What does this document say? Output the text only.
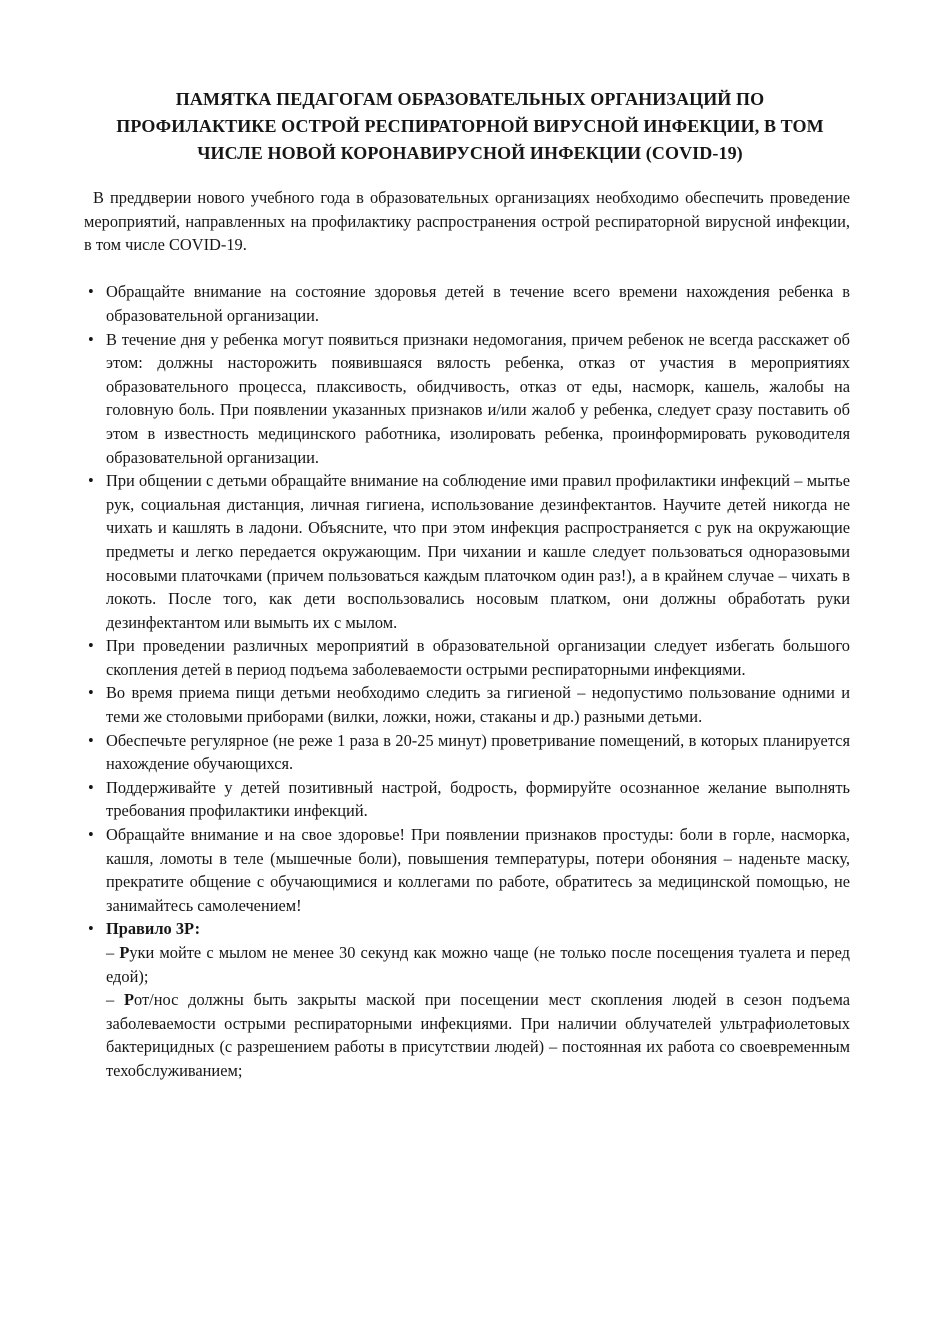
ПАМЯТКА ПЕДАГОГАМ ОБРАЗОВАТЕЛЬНЫХ ОРГАНИЗАЦИЙ ПО
ПРОФИЛАКТИКЕ ОСТРОЙ РЕСПИРАТОРНОЙ ВИРУСНОЙ ИНФЕКЦИИ, В ТОМ
ЧИСЛЕ НОВОЙ КОРОНАВИРУСНОЙ ИНФЕКЦИИ (COVID-19)

В преддверии нового учебного года в образовательных организациях необходимо обеспечить проведение мероприятий, направленных на профилактику распространения острой респираторной вирусной инфекции, в том числе COVID-19.

• Обращайте внимание на состояние здоровья детей в течение всего времени нахождения ребенка в образовательной организации.
• В течение дня у ребенка могут появиться признаки недомогания, причем ребенок не всегда расскажет об этом: должны насторожить появившаяся вялость ребенка, отказ от участия в мероприятиях образовательного процесса, плаксивость, обидчивость, отказ от еды, насморк, кашель, жалобы на головную боль. При появлении указанных признаков и/или жалоб у ребенка, следует сразу поставить об этом в известность медицинского работника, изолировать ребенка, проинформировать руководителя образовательной организации.
• При общении с детьми обращайте внимание на соблюдение ими правил профилактики инфекций – мытье рук, социальная дистанция, личная гигиена, использование дезинфектантов. Научите детей никогда не чихать и кашлять в ладони. Объясните, что при этом инфекция распространяется с рук на окружающие предметы и легко передается окружающим. При чихании и кашле следует пользоваться одноразовыми носовыми платочками (причем пользоваться каждым платочком один раз!), а в крайнем случае – чихать в локоть. После того, как дети воспользовались носовым платком, они должны обработать руки дезинфектантом или вымыть их с мылом.
• При проведении различных мероприятий в образовательной организации следует избегать большого скопления детей в период подъема заболеваемости острыми респираторными инфекциями.
• Во время приема пищи детьми необходимо следить за гигиеной – недопустимо пользование одними и теми же столовыми приборами (вилки, ложки, ножи, стаканы и др.) разными детьми.
• Обеспечьте регулярное (не реже 1 раза в 20-25 минут) проветривание помещений, в которых планируется нахождение обучающихся.
• Поддерживайте у детей позитивный настрой, бодрость, формируйте осознанное желание выполнять требования профилактики инфекций.
• Обращайте внимание и на свое здоровье! При появлении признаков простуды: боли в горле, насморка, кашля, ломоты в теле (мышечные боли), повышения температуры, потери обоняния – наденьте маску, прекратите общение с обучающимися и коллегами по работе, обратитесь за медицинской помощью, не занимайтесь самолечением!
• Правило 3Р:

– Руки мойте с мылом не менее 30 секунд как можно чаще (не только после посещения туалета и перед едой);

– Рот/нос должны быть закрыты маской при посещении мест скопления людей в сезон подъема заболеваемости острыми респираторными инфекциями. При наличии облучателей ультрафиолетовых бактерицидных (с разрешением работы в присутствии людей) – постоянная их работа со своевременным техобслуживанием;
